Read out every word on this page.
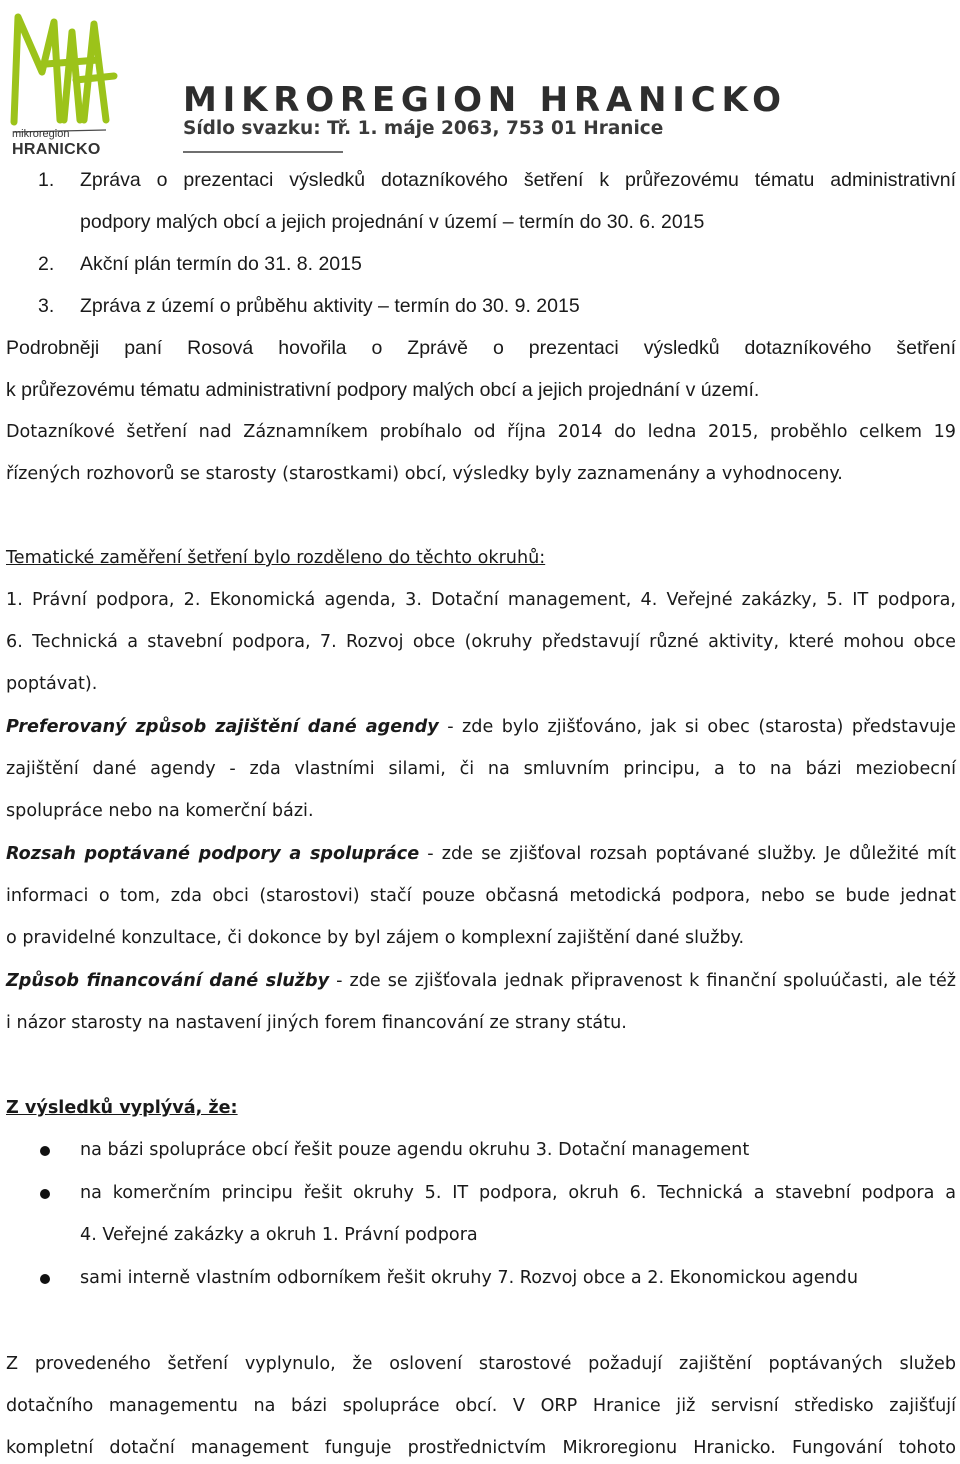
mikroregion
HRANICKO
MIKROREGION HRANICKO
Sídlo svazku: Tř. 1. máje 2063, 753 01 Hranice
1. Zpráva o prezentaci výsledků dotazníkového šetření k průřezovému tématu administrativní
podpory malých obcí a jejich projednání v území – termín do 30. 6. 2015
2. Akční plán termín do 31. 8. 2015
3. Zpráva z území o průběhu aktivity – termín do 30. 9. 2015
Podrobněji paní Rosová hovořila o Zprávě o prezentaci výsledků dotazníkového šetření
k průřezovému tématu administrativní podpory malých obcí a jejich projednání v území.
Dotazníkové šetření nad Záznamníkem probíhalo od října 2014 do ledna 2015, proběhlo celkem 19
řízených rozhovorů se starosty (starostkami) obcí, výsledky byly zaznamenány a vyhodnoceny.
Tematické zaměření šetření bylo rozděleno do těchto okruhů:
1. Právní podpora, 2. Ekonomická agenda, 3. Dotační management, 4. Veřejné zakázky, 5. IT podpora,
6. Technická a stavební podpora, 7. Rozvoj obce (okruhy představují různé aktivity, které mohou obce
poptávat).
Preferovaný způsob zajištění dané agendy - zde bylo zjišťováno, jak si obec (starosta) představuje
zajištění dané agendy - zda vlastními silami, či na smluvním principu, a to na bázi meziobecní
spolupráce nebo na komerční bázi.
Rozsah poptávané podpory a spolupráce - zde se zjišťoval rozsah poptávané služby. Je důležité mít
informaci o tom, zda obci (starostovi) stačí pouze občasná metodická podpora, nebo se bude jednat
o pravidelné konzultace, či dokonce by byl zájem o komplexní zajištění dané služby.
Způsob financování dané služby - zde se zjišťovala jednak připravenost k finanční spoluúčasti, ale též
i názor starosty na nastavení jiných forem financování ze strany státu.
Z výsledků vyplývá, že:
na bázi spolupráce obcí řešit pouze agendu okruhu 3. Dotační management
na komerčním principu řešit okruhy 5. IT podpora, okruh 6. Technická a stavební podpora a
4. Veřejné zakázky a okruh 1. Právní podpora
sami interně vlastním odborníkem řešit okruhy 7. Rozvoj obce a 2. Ekonomickou agendu
Z provedeného šetření vyplynulo, že oslovení starostové požadují zajištění poptávaných služeb
dotačního managementu na bázi spolupráce obcí. V ORP Hranice již servisní středisko zajišťují
kompletní dotační management funguje prostřednictvím Mikroregionu Hranicko. Fungování tohoto
